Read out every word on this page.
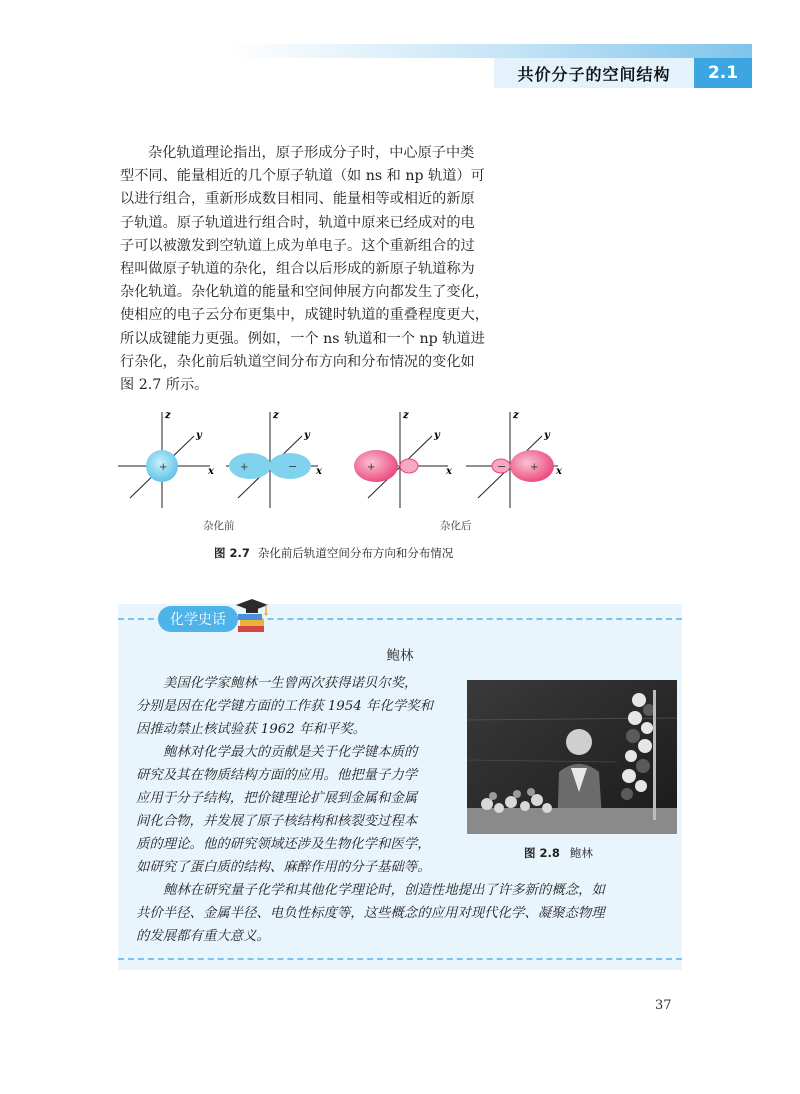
共价分子的空间结构	2.1

杂化轨道理论指出，原子形成分子时，中心原子中类
型不同、能量相近的几个原子轨道（如 ns 和 np 轨道）可
以进行组合，重新形成数目相同、能量相等或相近的新原
子轨道。原子轨道进行组合时，轨道中原来已经成对的电
子可以被激发到空轨道上成为单电子。这个重新组合的过
程叫做原子轨道的杂化，组合以后形成的新原子轨道称为
杂化轨道。杂化轨道的能量和空间伸展方向都发生了变化，
使相应的电子云分布更集中，成键时轨道的重叠程度更大，
所以成键能力更强。例如，一个 ns 轨道和一个 np 轨道进
行杂化，杂化前后轨道空间分布方向和分布情况的变化如
图 2.7 所示。

+
z
y
x	+	−
z
y
x	+
z
y
x	− +
z
y
x
杂化前	杂化后
图 2.7 杂化前后轨道空间分布方向和分布情况
化学史话
鲍林

美国化学家鲍林一生曾两次获得诺贝尔奖，
分别是因在化学键方面的工作获 1954 年化学奖和
因推动禁止核试验获 1962 年和平奖。

鲍林对化学最大的贡献是关于化学键本质的
研究及其在物质结构方面的应用。他把量子力学
应用于分子结构，把价键理论扩展到金属和金属
间化合物，并发展了原子核结构和核裂变过程本
质的理论。他的研究领域还涉及生物化学和医学，
如研究了蛋白质的结构、麻醉作用的分子基础等。

鲍林在研究量子化学和其他化学理论时，创造性地提出了许多新的概念，如
共价半径、金属半径、电负性标度等，这些概念的应用对现代化学、凝聚态物理
的发展都有重大意义。

图 2.8 鲍林
37
